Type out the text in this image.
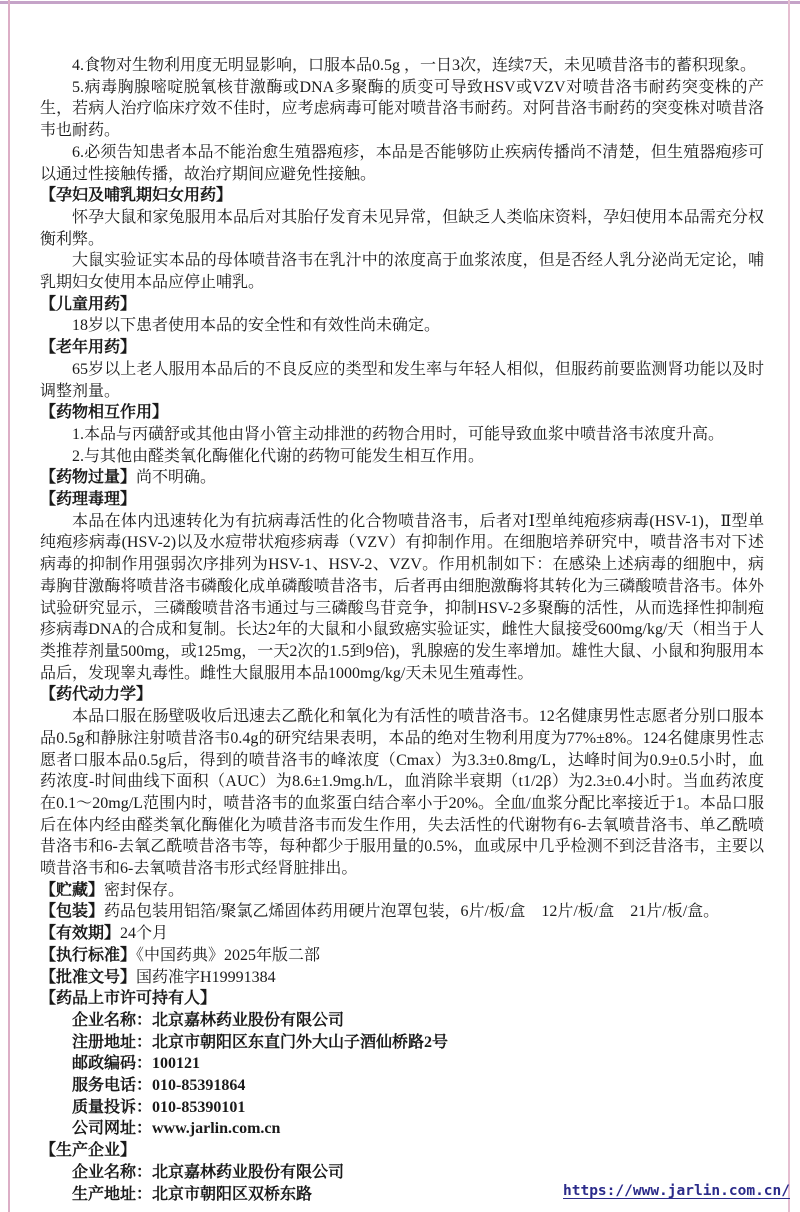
4.食物对生物利用度无明显影响，口服本品0.5g ，一日3次，连续7天，未见喷昔洛韦的蓄积现象。

5.病毒胸腺嘧啶脱氧核苷激酶或DNA多聚酶的质变可导致HSV或VZV对喷昔洛韦耐药突变株的产生，若病人治疗临床疗效不佳时，应考虑病毒可能对喷昔洛韦耐药。对阿昔洛韦耐药的突变株对喷昔洛韦也耐药。

6.必须告知患者本品不能治愈生殖器疱疹，本品是否能够防止疾病传播尚不清楚，但生殖器疱疹可以通过性接触传播，故治疗期间应避免性接触。

【孕妇及哺乳期妇女用药】

怀孕大鼠和家兔服用本品后对其胎仔发育未见异常，但缺乏人类临床资料，孕妇使用本品需充分权衡利弊。

大鼠实验证实本品的母体喷昔洛韦在乳汁中的浓度高于血浆浓度，但是否经人乳分泌尚无定论，哺乳期妇女使用本品应停止哺乳。

【儿童用药】

18岁以下患者使用本品的安全性和有效性尚未确定。

【老年用药】

65岁以上老人服用本品后的不良反应的类型和发生率与年轻人相似，但服药前要监测肾功能以及时调整剂量。

【药物相互作用】

1.本品与丙磺舒或其他由肾小管主动排泄的药物合用时，可能导致血浆中喷昔洛韦浓度升高。

2.与其他由醛类氧化酶催化代谢的药物可能发生相互作用。

【药物过量】尚不明确。

【药理毒理】

本品在体内迅速转化为有抗病毒活性的化合物喷昔洛韦，后者对Ⅰ型单纯疱疹病毒(HSV-1)，Ⅱ型单纯疱疹病毒(HSV-2)以及水痘带状疱疹病毒（VZV）有抑制作用。在细胞培养研究中，喷昔洛韦对下述病毒的抑制作用强弱次序排列为HSV-1、HSV-2、VZV。作用机制如下：在感染上述病毒的细胞中，病毒胸苷激酶将喷昔洛韦磷酸化成单磷酸喷昔洛韦，后者再由细胞激酶将其转化为三磷酸喷昔洛韦。体外试验研究显示，三磷酸喷昔洛韦通过与三磷酸鸟苷竞争，抑制HSV-2多聚酶的活性，从而选择性抑制疱疹病毒DNA的合成和复制。长达2年的大鼠和小鼠致癌实验证实，雌性大鼠接受600mg/kg/天（相当于人类推荐剂量500mg，或125mg，一天2次的1.5到9倍)，乳腺癌的发生率增加。雄性大鼠、小鼠和狗服用本品后，发现睾丸毒性。雌性大鼠服用本品1000mg/kg/天未见生殖毒性。

【药代动力学】

本品口服在肠壁吸收后迅速去乙酰化和氧化为有活性的喷昔洛韦。12名健康男性志愿者分别口服本品0.5g和静脉注射喷昔洛韦0.4g的研究结果表明，本品的绝对生物利用度为77%±8%。124名健康男性志愿者口服本品0.5g后，得到的喷昔洛韦的峰浓度（Cmax）为3.3±0.8mg/L，达峰时间为0.9±0.5小时，血药浓度-时间曲线下面积（AUC）为8.6±1.9mg.h/L，血消除半衰期（t1/2β）为2.3±0.4小时。当血药浓度在0.1～20mg/L范围内时，喷昔洛韦的血浆蛋白结合率小于20%。全血/血浆分配比率接近于1。本品口服后在体内经由醛类氧化酶催化为喷昔洛韦而发生作用，失去活性的代谢物有6-去氧喷昔洛韦、单乙酰喷昔洛韦和6-去氧乙酰喷昔洛韦等，每种都少于服用量的0.5%，血或尿中几乎检测不到泛昔洛韦，主要以喷昔洛韦和6-去氧喷昔洛韦形式经肾脏排出。

【贮藏】密封保存。

【包装】药品包装用铝箔/聚氯乙烯固体药用硬片泡罩包装，6片/板/盒　12片/板/盒　21片/板/盒。

【有效期】24个月

【执行标准】《中国药典》2025年版二部

【批准文号】国药准字H19991384

【药品上市许可持有人】

企业名称：北京嘉林药业股份有限公司

注册地址：北京市朝阳区东直门外大山子酒仙桥路2号

邮政编码：100121

服务电话：010-85391864

质量投诉：010-85390101

公司网址：www.jarlin.com.cn

【生产企业】

企业名称：北京嘉林药业股份有限公司

生产地址：北京市朝阳区双桥东路	https://www.jarlin.com.cn/
